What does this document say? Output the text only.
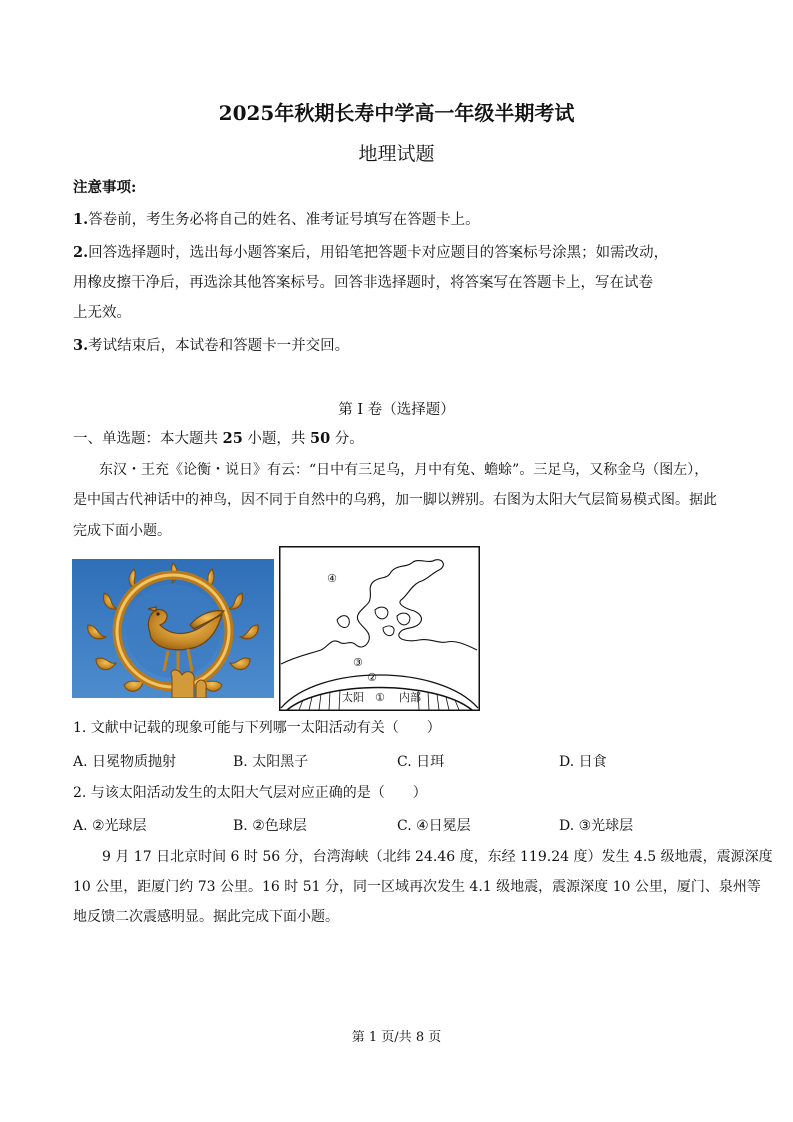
2025年秋期长寿中学高一年级半期考试
地理试题
注意事项:
1.答卷前，考生务必将自己的姓名、准考证号填写在答题卡上。
2.回答选择题时，选出每小题答案后，用铅笔把答题卡对应题目的答案标号涂黑；如需改动，
用橡皮擦干净后，再选涂其他答案标号。回答非选择题时，将答案写在答题卡上，写在试卷
上无效。
3.考试结束后，本试卷和答题卡一并交回。
第 I 卷（选择题）
一、单选题：本大题共 25 小题，共 50 分。
东汉・王充《论衡・说日》有云：“日中有三足乌，月中有兔、蟾蜍”。三足乌，又称金乌（图左），
是中国古代神话中的神鸟，因不同于自然中的乌鸦，加一脚以辨别。右图为太阳大气层简易模式图。据此
完成下面小题。
④
③
②
太阳 ① 内部
1. 文献中记载的现象可能与下列哪一太阳活动有关（　　）
A. 日冕物质抛射	B. 太阳黑子	C. 日珥	D. 日食
2. 与该太阳活动发生的太阳大气层对应正确的是（　　）
A. ②光球层	B. ②色球层	C. ④日冕层	D. ③光球层
9 月 17 日北京时间 6 时 56 分，台湾海峡（北纬 24.46 度，东经 119.24 度）发生 4.5 级地震，震源深度
10 公里，距厦门约 73 公里。16 时 51 分，同一区域再次发生 4.1 级地震，震源深度 10 公里，厦门、泉州等
地反馈二次震感明显。据此完成下面小题。
第 1 页/共 8 页
